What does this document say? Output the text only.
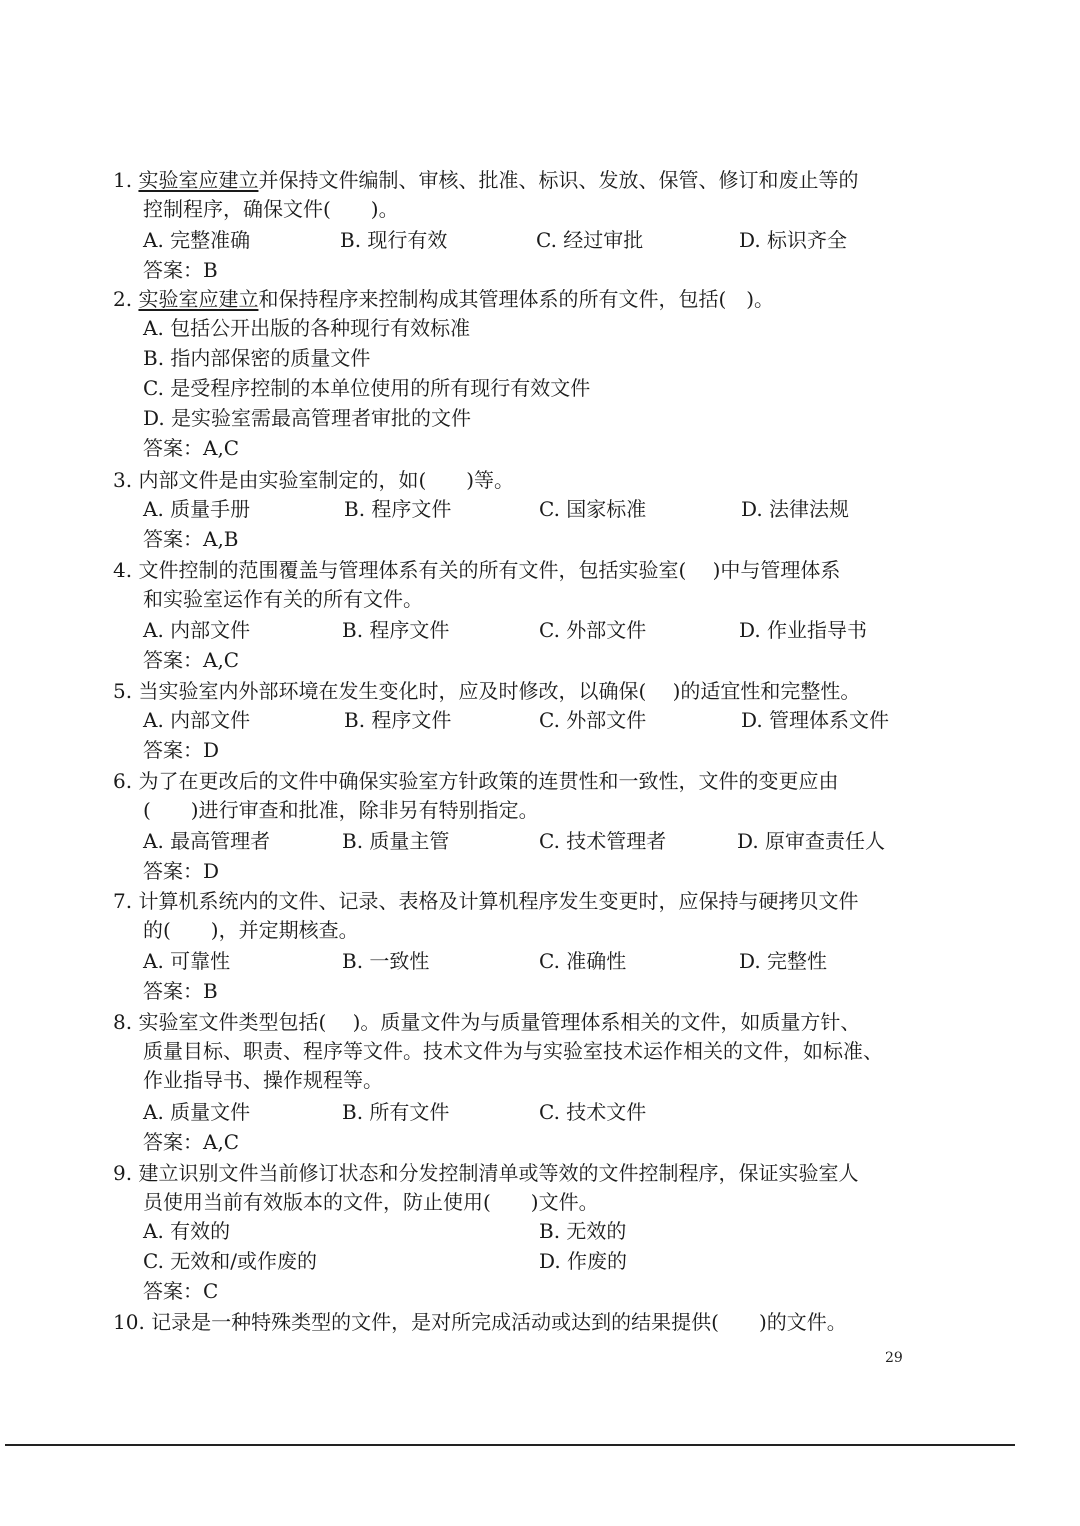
1. 实验室应建立并保持文件编制、审核、批准、标识、发放、保管、修订和废止等的
控制程序，确保文件(　　)。
A. 完整准确	B. 现行有效	C. 经过审批	D. 标识齐全
答案：B
2. 实验室应建立和保持程序来控制构成其管理体系的所有文件，包括(　)。
A. 包括公开出版的各种现行有效标准
B. 指内部保密的质量文件
C. 是受程序控制的本单位使用的所有现行有效文件
D. 是实验室需最高管理者审批的文件
答案：A,C
3. 内部文件是由实验室制定的，如(　　)等。
A. 质量手册	B. 程序文件	C. 国家标准	D. 法律法规
答案：A,B
4. 文件控制的范围覆盖与管理体系有关的所有文件，包括实验室(　 )中与管理体系
和实验室运作有关的所有文件。
A. 内部文件	B. 程序文件	C. 外部文件	D. 作业指导书
答案：A,C
5. 当实验室内外部环境在发生变化时，应及时修改，以确保(　 )的适宜性和完整性。
A. 内部文件	B. 程序文件	C. 外部文件	D. 管理体系文件
答案：D
6. 为了在更改后的文件中确保实验室方针政策的连贯性和一致性，文件的变更应由
(　　)进行审查和批准，除非另有特别指定。
A. 最高管理者	B. 质量主管	C. 技术管理者	D. 原审查责任人
答案：D
7. 计算机系统内的文件、记录、表格及计算机程序发生变更时，应保持与硬拷贝文件
的(　　)，并定期核查。
A. 可靠性	B. 一致性	C. 准确性	D. 完整性
答案：B
8. 实验室文件类型包括(　 )。质量文件为与质量管理体系相关的文件，如质量方针、
质量目标、职责、程序等文件。技术文件为与实验室技术运作相关的文件，如标准、
作业指导书、操作规程等。
A. 质量文件	B. 所有文件	C. 技术文件
答案：A,C
9. 建立识别文件当前修订状态和分发控制清单或等效的文件控制程序，保证实验室人
员使用当前有效版本的文件，防止使用(　　)文件。
A. 有效的	B. 无效的
C. 无效和/或作废的	D. 作废的
答案：C
10. 记录是一种特殊类型的文件，是对所完成活动或达到的结果提供(　　)的文件。
29
